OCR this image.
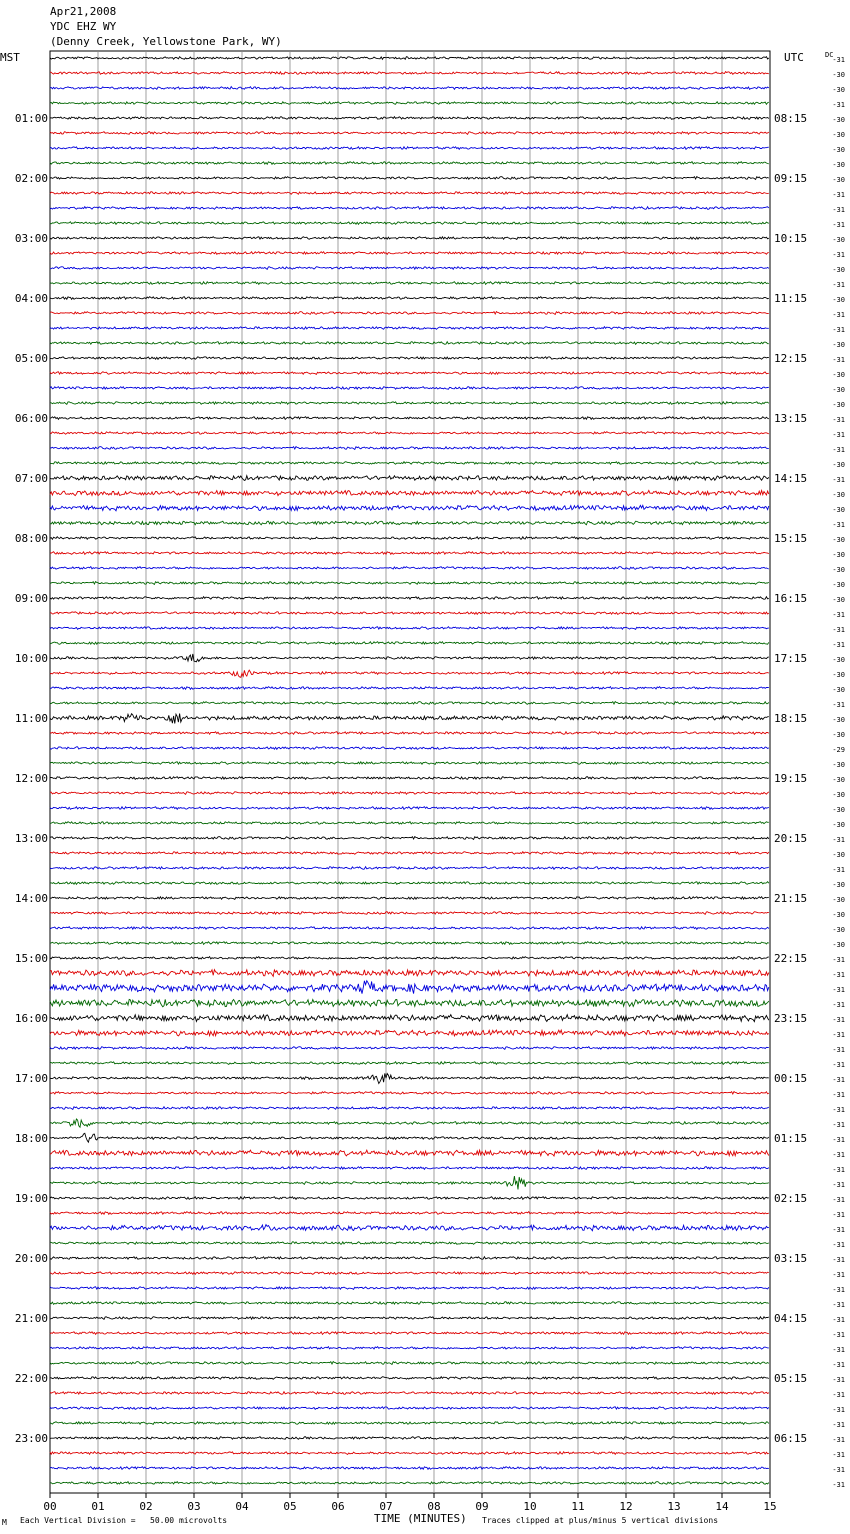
Apr21,2008
YDC EHZ WY
(Denny Creek, Yellowstone Park, WY)
MST	UTC
00	01	02	03	04	05	06	07	08	09	10	11	12	13	14	15
-31
-30
-30
-31
-30
-30
-30
-30
-30
-31
-31
-31
-30
-31
-30
-31
-30
-31
-31
-30
-31
-30
-30
-30
-31
-31
-31
-30
-31
-30
-30
-31
-30
-30
-30
-30
-30
-31
-31
-31
-30
-30
-30
-31
-30
-30
-29
-30
-30
-30
-30
-30
-31
-30
-31
-30
-30
-30
-30
-30
-31
-31
-31
-31
-31
-31
-31
-31
-31
-31
-31
-31
-31
-31
-31
-31
-31
-31
-31
-31
-31
-31
-31
-31
-31
-31
-31
-31
-31
-31
-31
-31
-31
-31
-31
-31
DC
01:00
02:00
03:00
04:00
05:00
06:00
07:00
08:00
09:00
10:00
11:00
12:00
13:00
14:00
15:00
16:00
17:00
18:00
19:00
20:00
21:00
22:00
23:00
08:15
09:15
10:15
11:15
12:15
13:15
14:15
15:15
16:15
17:15
18:15
19:15
20:15
21:15
22:15
23:15
00:15
01:15
02:15
03:15
04:15
05:15
06:15
M Each Vertical Division =   50.00 microvolts	TIME (MINUTES) Traces clipped at plus/minus 5 vertical divisions
